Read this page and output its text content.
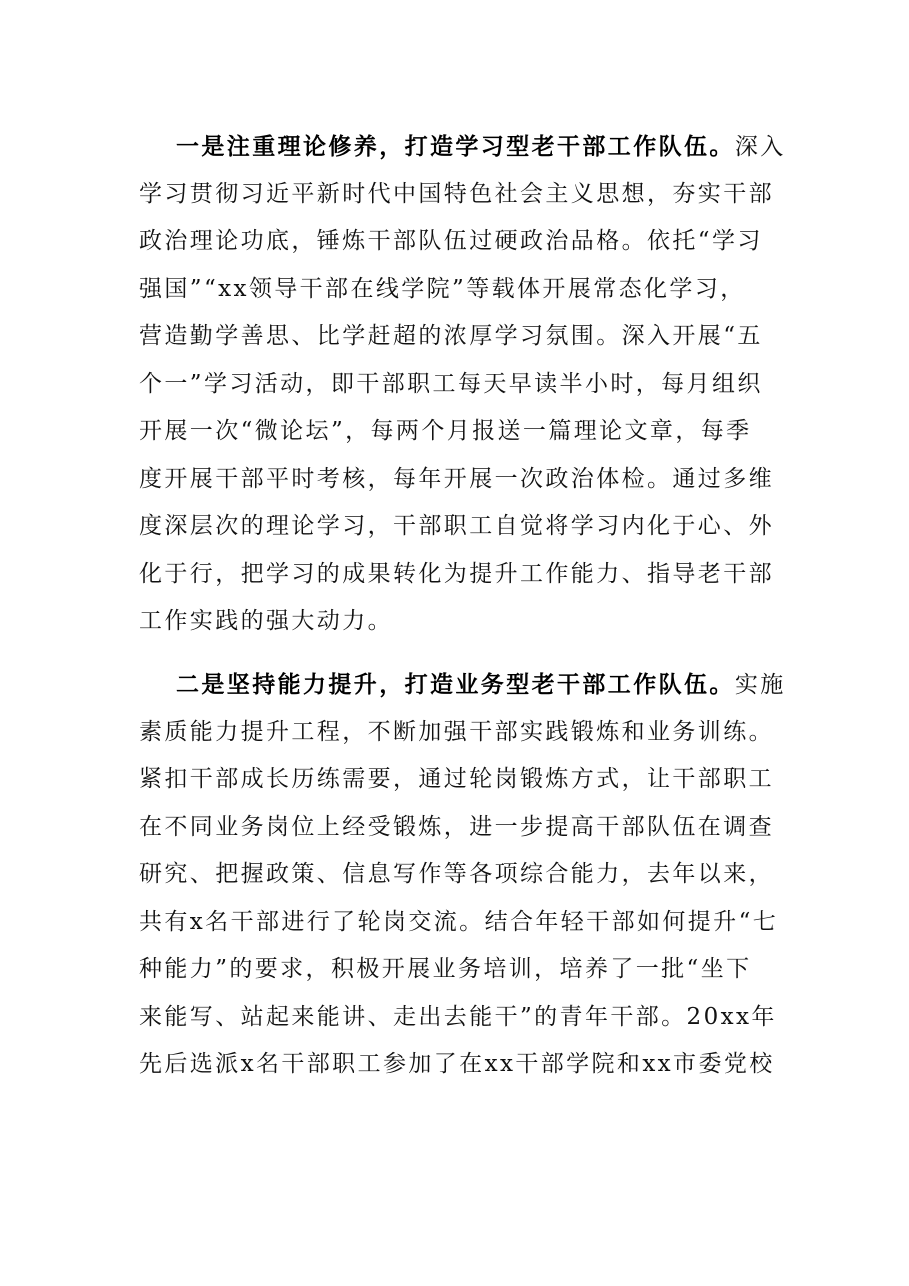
一是注重理论修养，打造学习型老干部工作队伍。深入
学习贯彻习近平新时代中国特色社会主义思想，夯实干部
政治理论功底，锤炼干部队伍过硬政治品格。依托“学习
强国”“xx领导干部在线学院”等载体开展常态化学习，
营造勤学善思、比学赶超的浓厚学习氛围。深入开展“五
个一”学习活动，即干部职工每天早读半小时，每月组织
开展一次“微论坛”，每两个月报送一篇理论文章，每季
度开展干部平时考核，每年开展一次政治体检。通过多维
度深层次的理论学习，干部职工自觉将学习内化于心、外
化于行，把学习的成果转化为提升工作能力、指导老干部
工作实践的强大动力。
二是坚持能力提升，打造业务型老干部工作队伍。实施
素质能力提升工程，不断加强干部实践锻炼和业务训练。
紧扣干部成长历练需要，通过轮岗锻炼方式，让干部职工
在不同业务岗位上经受锻炼，进一步提高干部队伍在调查
研究、把握政策、信息写作等各项综合能力，去年以来，
共有x名干部进行了轮岗交流。结合年轻干部如何提升“七
种能力”的要求，积极开展业务培训，培养了一批“坐下
来能写、站起来能讲、走出去能干”的青年干部。20xx年
先后选派x名干部职工参加了在xx干部学院和xx市委党校
